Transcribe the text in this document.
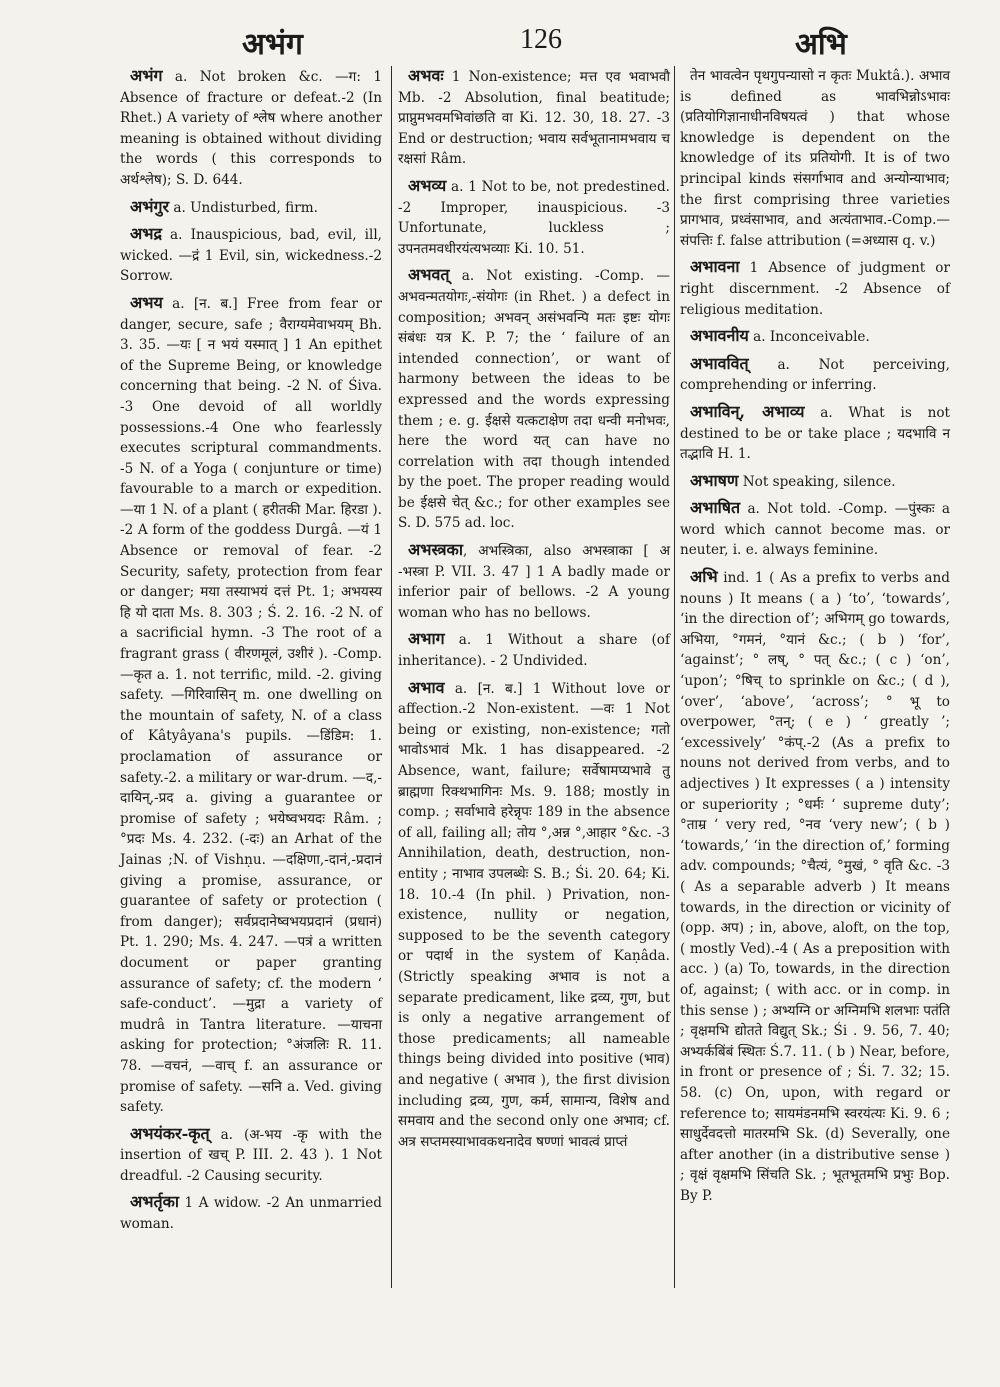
अभंग	126	अभि

अभंग a. Not broken &c. —ग: 1 Absence of fracture or defeat.-2 (In Rhet.) A variety of श्लेष where another meaning is obtained without dividing the words ( this corresponds to अर्थश्लेष); S. D. 644.

अभंगुर a. Undisturbed, firm.

अभद्र a. Inauspicious, bad, evil, ill, wicked. —द्रं 1 Evil, sin, wickedness.-2 Sorrow.

अभय a. [न. ब.] Free from fear or danger, secure, safe ; वैराग्यमेवाभयम् Bh. 3. 35. —यः [ न भयं यस्मात् ] 1 An epithet of the Supreme Being, or knowledge concerning that being. -2 N. of Śiva. -3 One devoid of all worldly possessions.-4 One who fearlessly executes scriptural commandments. -5 N. of a Yoga ( conjunture or time) favourable to a march or expedition. —या 1 N. of a plant ( हरीतकी Mar. हिरडा ). -2 A form of the goddess Durgâ. —यं 1 Absence or removal of fear. -2 Security, safety, protection from fear or danger; मया तस्याभयं दत्तं Pt. 1; अभयस्य हि यो दाता Ms. 8. 303 ; Ś. 2. 16. -2 N. of a sacrificial hymn. -3 The root of a fragrant grass ( वीरणमूलं, उशीरं ). -Comp. —कृत a. 1. not terrific, mild. -2. giving safety. —गिरिवासिन् m. one dwelling on the mountain of safety, N. of a class of Kâtyâyana's pupils. —डिंडिम: 1. proclamation of assurance or safety.-2. a military or war-drum. —द,-दायिन्,-प्रद a. giving a guarantee or promise of safety ; भयेष्वभयदः Râm. ; °प्रदः Ms. 4. 232. (-दः) an Arhat of the Jainas ;N. of Vishṇu. —दक्षिणा,-दानं,-प्रदानं giving a promise, assurance, or guarantee of safety or protection ( from danger); सर्वप्रदानेष्वभयप्रदानं (प्रधानं) Pt. 1. 290; Ms. 4. 247. —पत्रं a written document or paper granting assurance of safety; cf. the modern ‘ safe-conduct’. —मुद्रा a variety of mudrâ in Tantra literature. —याचना asking for protection; °अंजलिः R. 11. 78. —वचनं, —वाच् f. an assurance or promise of safety. —सनि a. Ved. giving safety.

अभयंकर-कृत् a. (अ-भय -कृ with the insertion of खच् P. III. 2. 43 ). 1 Not dreadful. -2 Causing security.

अभर्तृका 1 A widow. -2 An unmarried woman.

अभवः 1 Non-existence; मत्त एव भवाभवौ Mb. -2 Absolution, final beatitude; प्राप्नुमभवमभिवांछति वा Ki. 12. 30, 18. 27. -3 End or destruction; भवाय सर्वभूतानामभवाय च रक्षसां Râm.

अभव्य a. 1 Not to be, not predestined. -2 Improper, inauspicious. -3 Unfortunate, luckless ; उपनतमवधीरयंत्यभव्याः Ki. 10. 51.

अभवत् a. Not existing. -Comp. —अभवन्मतयोगः,-संयोगः (in Rhet. ) a defect in composition; अभवन् असंभवन्पि मतः इष्टः योगः संबंधः यत्र K. P. 7; the ‘ failure of an intended connection’, or want of harmony between the ideas to be expressed and the words expressing them ; e. g. ईक्षसे यत्कटाक्षेण तदा धन्वी मनोभवः, here the word यत् can have no correlation with तदा though intended by the poet. The proper reading would be ईक्षसे चेत् &c.; for other examples see S. D. 575 ad. loc.

अभस्त्रका, अभस्त्रिका, also अभस्त्राका [ अ -भस्त्रा P. VII. 3. 47 ] 1 A badly made or inferior pair of bellows. -2 A young woman who has no bellows.

अभाग a. 1 Without a share (of inheritance). - 2 Undivided.

अभाव a. [न. ब.] 1 Without love or affection.-2 Non-existent. —वः 1 Not being or existing, non-existence; गतो भावोऽभावं Mk. 1 has disappeared. -2 Absence, want, failure; सर्वेषामप्यभावे तु ब्राह्मणा रिक्थभागिनः Ms. 9. 188; mostly in comp. ; सर्वाभावे हरेन्नृपः 189 in the absence of all, failing all; तोय °,अन्न °,आहार °&c. -3 Annihilation, death, destruction, non-entity ; नाभाव उपलब्धेः S. B.; Śi. 20. 64; Ki. 18. 10.-4 (In phil. ) Privation, non-existence, nullity or negation, supposed to be the seventh category or पदार्थ in the system of Kaṇâda. (Strictly speaking अभाव is not a separate predicament, like द्रव्य, गुण, but is only a negative arrangement of those predicaments; all nameable things being divided into positive (भाव) and negative ( अभाव ), the first division including द्रव्य, गुण, कर्म, सामान्य, विशेष and समवाय and the second only one अभाव; cf. अत्र सप्तमस्याभावकथनादेव षण्णां भावत्वं प्राप्तं

तेन भावत्वेन पृथगुपन्यासो न कृतः Muktâ.). अभाव is defined as भावभिन्नोऽभावः (प्रतियोगिज्ञानाधीनविषयत्वं ) that whose knowledge is dependent on the knowledge of its प्रतियोगी. It is of two principal kinds संसर्गाभाव and अन्योन्याभाव; the first comprising three varieties प्रागभाव, प्रध्वंसाभाव, and अत्यंताभाव.-Comp.—संपत्तिः f. false attribution (=अध्यास q. v.)

अभावना 1 Absence of judgment or right discernment. -2 Absence of religious meditation.

अभावनीय a. Inconceivable.

अभाववित् a. Not perceiving, comprehending or inferring.

अभाविन्, अभाव्य a. What is not destined to be or take place ; यदभावि न तद्भावि H. 1.

अभाषण Not speaking, silence.

अभाषित a. Not told. -Comp. —पुंस्कः a word which cannot become mas. or neuter, i. e. always feminine.

अभि ind. 1 ( As a prefix to verbs and nouns ) It means ( a ) ‘to’, ‘towards’, ‘in the direction of’; अभिगम् go towards, अभिया, °गमनं, °यानं &c.; ( b ) ‘for’, ‘against’; ° लष्, ° पत् &c.; ( c ) ‘on’, ‘upon’; °षिच् to sprinkle on &c.; ( d ), ‘over’, ‘above’, ‘across’; ° भू to overpower, °तन्; ( e ) ‘ greatly ’; ‘excessively’ °कंप्.-2 (As a prefix to nouns not derived from verbs, and to adjectives ) It expresses ( a ) intensity or superiority ; °धर्मः ‘ supreme duty’; °ताम्र ‘ very red, °नव ‘very new’; ( b ) ‘towards,’ ‘in the direction of,’ forming adv. compounds; °चैत्यं, °मुखं, ° वृति &c. -3 ( As a separable adverb ) It means towards, in the direction or vicinity of (opp. अप) ; in, above, aloft, on the top, ( mostly Ved).-4 ( As a preposition with acc. ) (a) To, towards, in the direction of, against; ( with acc. or in comp. in this sense ) ; अभ्यग्नि or अग्निमभि शलभाः पतंति ; वृक्षमभि द्योतते विद्युत् Sk.; Śi . 9. 56, 7. 40; अभ्यर्कबिंबं स्थितः Ś.7. 11. ( b ) Near, before, in front or presence of ; Śi. 7. 32; 15. 58. (c) On, upon, with regard or reference to; सायमंडनमभि स्वरयंत्यः Ki. 9. 6 ; साधुर्देवदत्तो मातरमभि Sk. (d) Severally, one after another (in a distributive sense ) ; वृक्षं वृक्षमभि सिंचति Sk. ; भूतभूतमभि प्रभुः Bop. By P.
